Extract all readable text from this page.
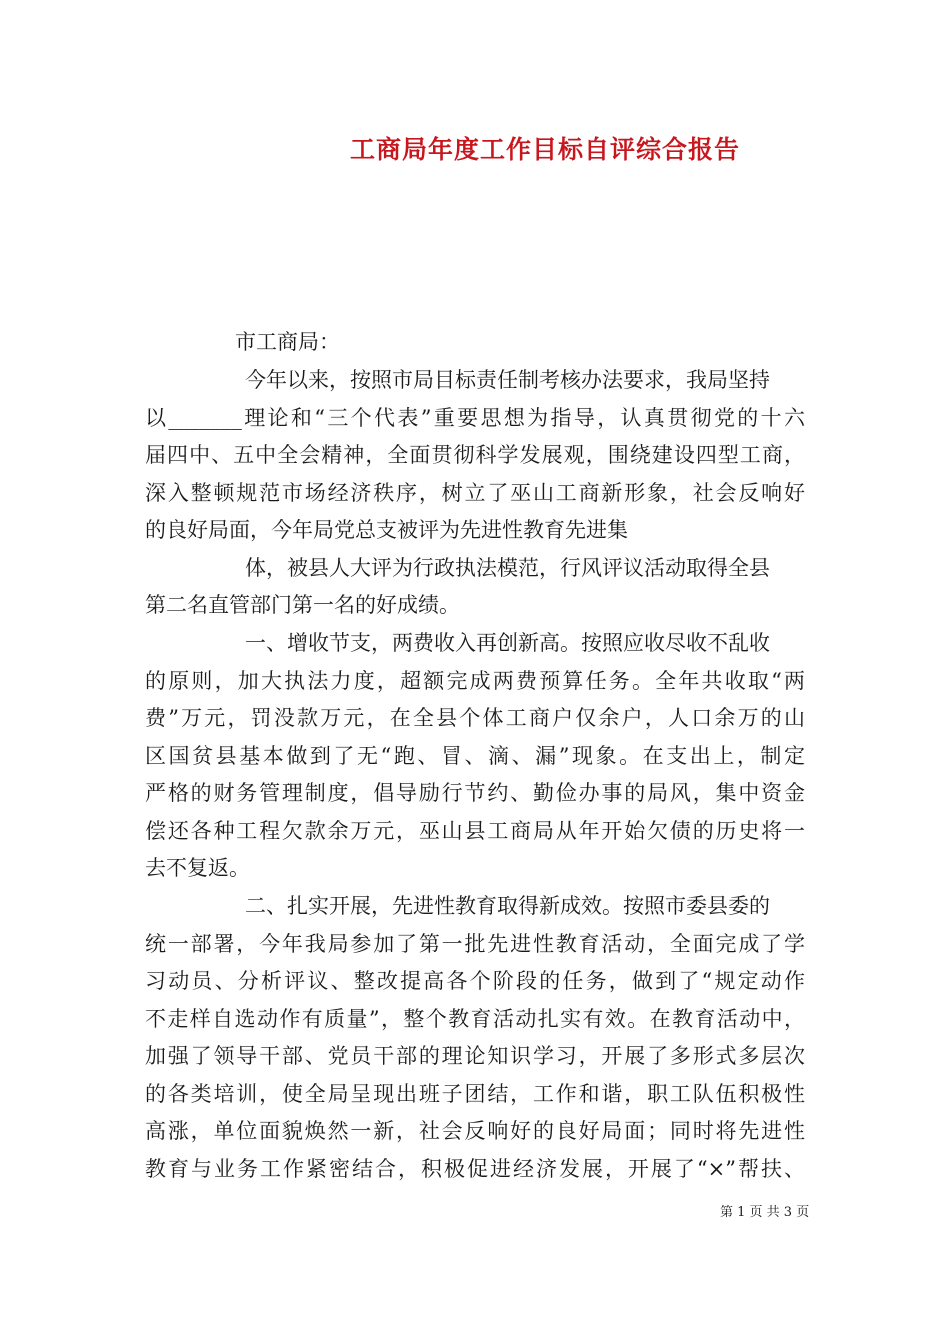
工商局年度工作目标自评综合报告
市工商局：
今年以来，按照市局目标责任制考核办法要求，我局坚持
以_______理论和“三个代表”重要思想为指导，认真贯彻党的十六
届四中、五中全会精神，全面贯彻科学发展观，围绕建设四型工商，
深入整顿规范市场经济秩序，树立了巫山工商新形象，社会反响好
的良好局面，今年局党总支被评为先进性教育先进集
体，被县人大评为行政执法模范，行风评议活动取得全县
第二名直管部门第一名的好成绩。
一、增收节支，两费收入再创新高。按照应收尽收不乱收
的原则，加大执法力度，超额完成两费预算任务。全年共收取“两
费”万元，罚没款万元，在全县个体工商户仅余户，人口余万的山
区国贫县基本做到了无“跑、冒、滴、漏”现象。在支出上，制定
严格的财务管理制度，倡导励行节约、勤俭办事的局风，集中资金
偿还各种工程欠款余万元，巫山县工商局从年开始欠债的历史将一
去不复返。
二、扎实开展，先进性教育取得新成效。按照市委县委的
统一部署，今年我局参加了第一批先进性教育活动，全面完成了学
习动员、分析评议、整改提高各个阶段的任务，做到了“规定动作
不走样自选动作有质量”，整个教育活动扎实有效。在教育活动中，
加强了领导干部、党员干部的理论知识学习，开展了多形式多层次
的各类培训，使全局呈现出班子团结，工作和谐，职工队伍积极性
高涨，单位面貌焕然一新，社会反响好的良好局面；同时将先进性
教育与业务工作紧密结合，积极促进经济发展，开展了“×”帮扶、
第 1 页 共 3 页
